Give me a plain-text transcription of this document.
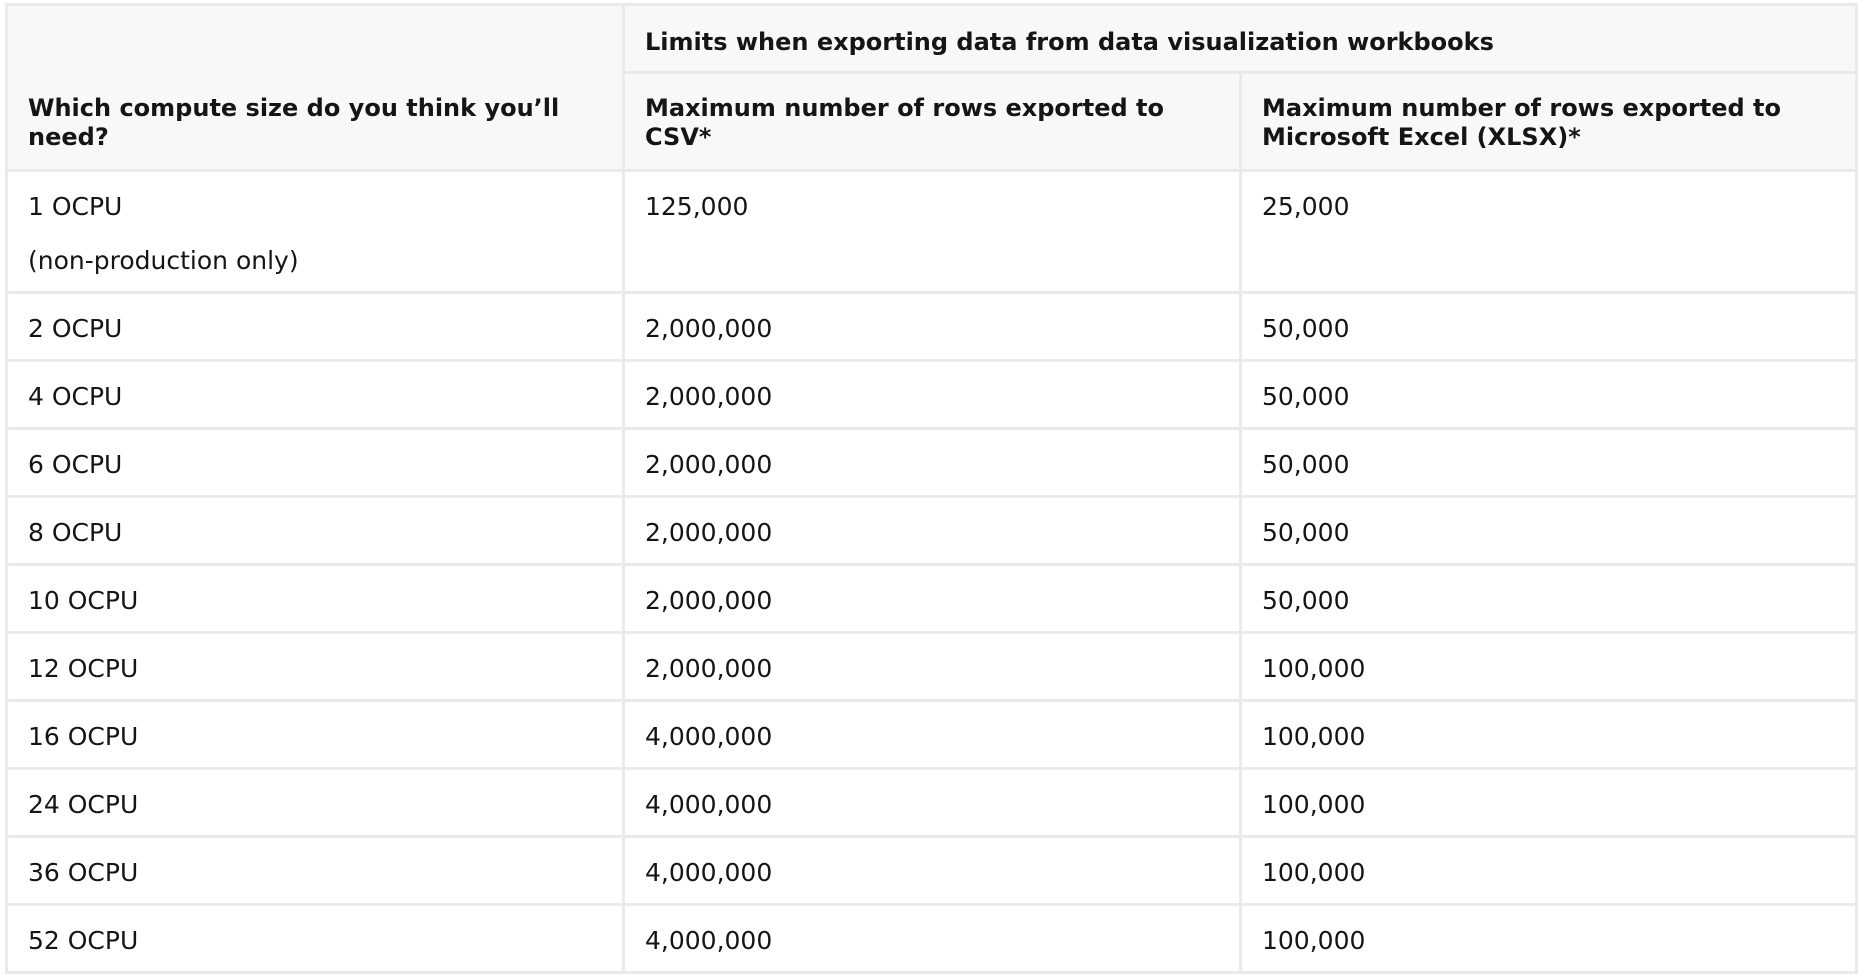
Which compute size do you think you’ll need?	Limits when exporting data from data visualization workbooks	
	Maximum number of rows exported to CSV*	Maximum number of rows exported to Microsoft Excel (XLSX)*
1 OCPU
(non-production only)	125,000	25,000
2 OCPU	2,000,000	50,000
4 OCPU	2,000,000	50,000
6 OCPU	2,000,000	50,000
8 OCPU	2,000,000	50,000
10 OCPU	2,000,000	50,000
12 OCPU	2,000,000	100,000
16 OCPU	4,000,000	100,000
24 OCPU	4,000,000	100,000
36 OCPU	4,000,000	100,000
52 OCPU	4,000,000	100,000
